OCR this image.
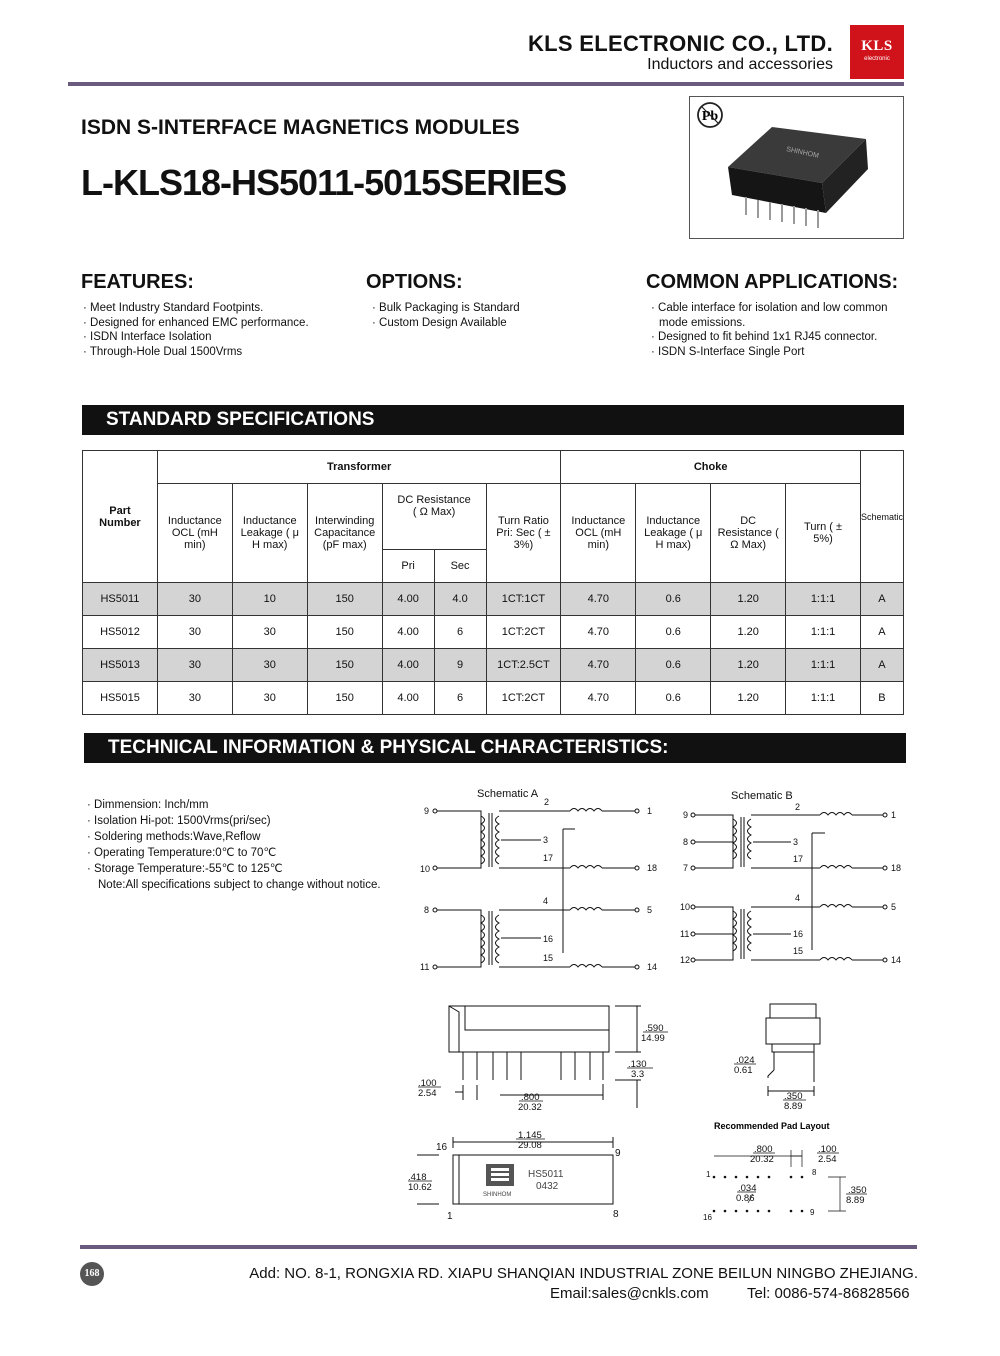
KLS ELECTRONIC CO., LTD.
Inductors and accessories
KLS
electronic
ISDN S-INTERFACE MAGNETICS MODULES
L-KLS18-HS5011-5015SERIES
Pb
SHINHOM
FEATURES:
· Meet Industry Standard Footpints.
· Designed for enhanced EMC performance.
· ISDN Interface Isolation
· Through-Hole Dual 1500Vrms
OPTIONS:
· Bulk Packaging is Standard
· Custom Design Available
COMMON APPLICATIONS:
· Cable interface for isolation and low common mode emissions.
· Designed to fit behind 1x1 RJ45 connector.
· ISDN S-Interface Single Port
STANDARD SPECIFICATIONS
Part Number	Transformer						Choke				Schematic

	Inductance OCL (mH min)	Inductance Leakage ( μ H max)	Interwinding Capacitance (pF max)	DC Resistance ( Ω Max)		Turn Ratio Pri: Sec ( ± 3%)	Inductance OCL (mH min)	Inductance Leakage ( μ H max)	DC Resistance ( Ω Max)	Turn ( ± 5%)	

				Pri	Sec						
HS5011	30	10	150	4.00	4.0	1CT:1CT	4.70	0.6	1.20	1:1:1	A
HS5012	30	30	150	4.00	6	1CT:2CT	4.70	0.6	1.20	1:1:1	A
HS5013	30	30	150	4.00	9	1CT:2.5CT	4.70	0.6	1.20	1:1:1	A
HS5015	30	30	150	4.00	6	1CT:2CT	4.70	0.6	1.20	1:1:1	B
TECHNICAL INFORMATION & PHYSICAL CHARACTERISTICS:
· Dimmension: Inch/mm
· Isolation Hi-pot: 1500Vrms(pri/sec)
· Soldering methods:Wave,Reflow
· Operating Temperature:0℃ to 70℃
· Storage Temperature:-55℃ to 125℃
Note:All specifications subject to change without notice.
Schematic A
9
2
1
3
17
10	18
8
4
5
16
11
15
14
Schematic B
9
2
1
8	3
17
7	18
4
10	5
11	16
15
12	14
.590
14.99
.130
3.3
.100
2.54	.800
20.32
.024
0.61
.350
8.89
1.145
29.08
.418
10.62
16
9
1	8
HS5011
0432
SHINHOM
Recommended Pad Layout
.800
20.32
.100
2.54
.034
0.86
.350
8.89
1	8
16
9
168	Add: NO. 8-1, RONGXIA RD. XIAPU SHANQIAN INDUSTRIAL ZONE BEILUN NINGBO ZHEJIANG.
Email:sales@cnkls.com	Tel: 0086-574-86828566
